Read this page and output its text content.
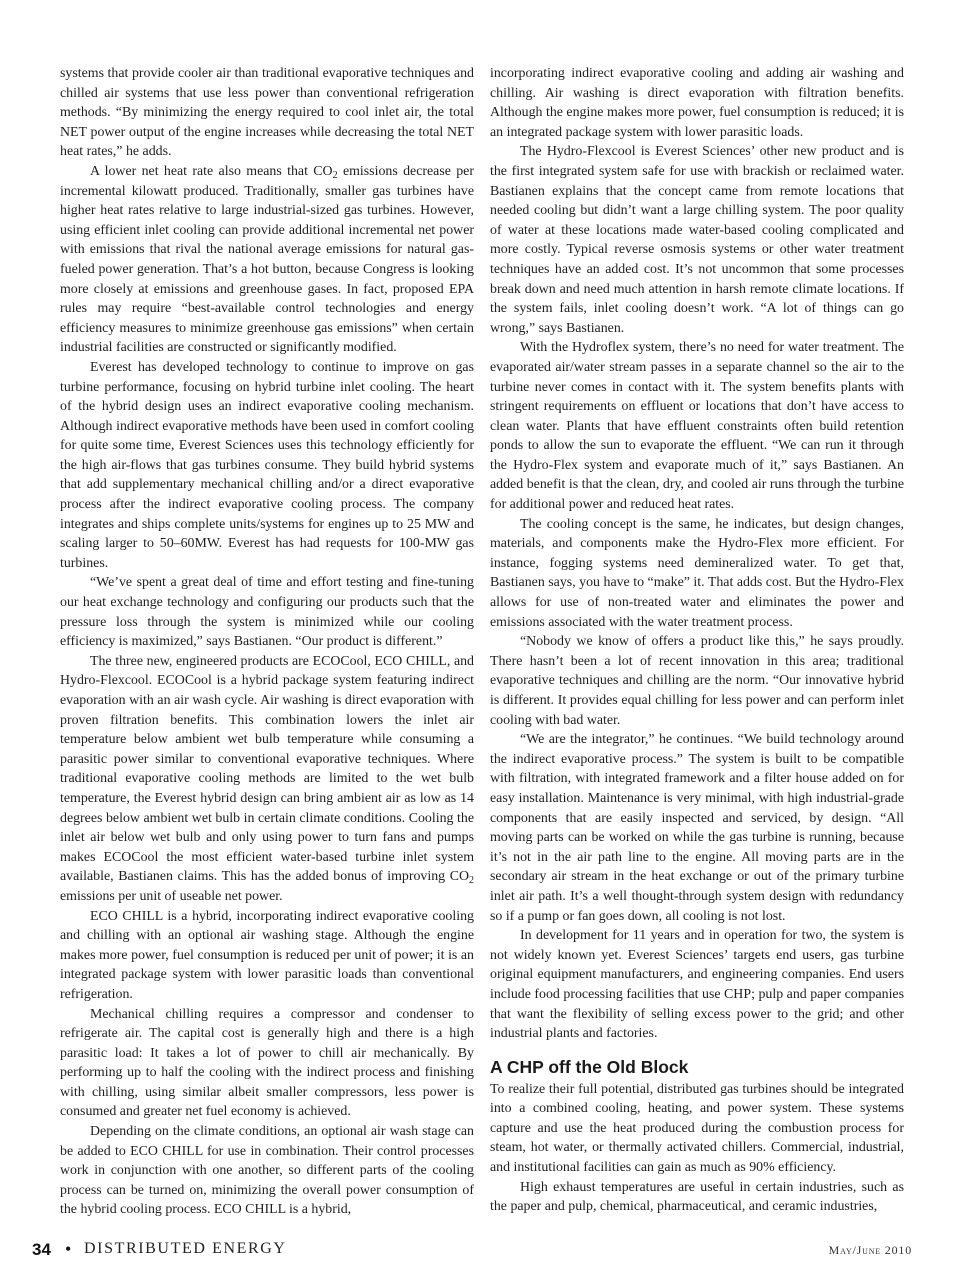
systems that provide cooler air than traditional evaporative techniques and chilled air systems that use less power than conventional refrigeration methods. “By minimizing the energy required to cool inlet air, the total NET power output of the engine increases while decreasing the total NET heat rates,” he adds.

A lower net heat rate also means that $CO_2$ emissions decrease per incremental kilowatt produced. Traditionally, smaller gas turbines have higher heat rates relative to large industrial-sized gas turbines. However, using efficient inlet cooling can provide additional incremental net power with emissions that rival the national average emissions for natural gas-fueled power generation. That’s a hot button, because Congress is looking more closely at emissions and greenhouse gases. In fact, proposed EPA rules may require “best-available control technologies and energy efficiency measures to minimize greenhouse gas emissions” when certain industrial facilities are constructed or significantly modified.

Everest has developed technology to continue to improve on gas turbine performance, focusing on hybrid turbine inlet cooling. The heart of the hybrid design uses an indirect evaporative cooling mechanism. Although indirect evaporative methods have been used in comfort cooling for quite some time, Everest Sciences uses this technology efficiently for the high air-flows that gas turbines consume. They build hybrid systems that add supplementary mechanical chilling and/or a direct evaporative process after the indirect evaporative cooling process. The company integrates and ships complete units/systems for engines up to 25 MW and scaling larger to 50–60MW. Everest has had requests for 100-MW gas turbines.

“We’ve spent a great deal of time and effort testing and fine-tuning our heat exchange technology and configuring our products such that the pressure loss through the system is minimized while our cooling efficiency is maximized,” says Bastianen. “Our product is different.”

The three new, engineered products are ECOCool, ECO CHILL, and Hydro-Flexcool. ECOCool is a hybrid package system featuring indirect evaporation with an air wash cycle. Air washing is direct evaporation with proven filtration benefits. This combination lowers the inlet air temperature below ambient wet bulb temperature while consuming a parasitic power similar to conventional evaporative techniques. Where traditional evaporative cooling methods are limited to the wet bulb temperature, the Everest hybrid design can bring ambient air as low as 14 degrees below ambient wet bulb in certain climate conditions. Cooling the inlet air below wet bulb and only using power to turn fans and pumps makes ECOCool the most efficient water-based turbine inlet system available, Bastianen claims. This has the added bonus of improving $CO_2$ emissions per unit of useable net power.

ECO CHILL is a hybrid, incorporating indirect evaporative cooling and chilling with an optional air washing stage. Although the engine makes more power, fuel consumption is reduced per unit of power; it is an integrated package system with lower parasitic loads than conventional refrigeration.

Mechanical chilling requires a compressor and condenser to refrigerate air. The capital cost is generally high and there is a high parasitic load: It takes a lot of power to chill air mechanically. By performing up to half the cooling with the indirect process and finishing with chilling, using similar albeit smaller compressors, less power is consumed and greater net fuel economy is achieved.

Depending on the climate conditions, an optional air wash stage can be added to ECO CHILL for use in combination. Their control processes work in conjunction with one another, so different parts of the cooling process can be turned on, minimizing the overall power consumption of the hybrid cooling process. ECO CHILL is a hybrid,

incorporating indirect evaporative cooling and adding air washing and chilling. Air washing is direct evaporation with filtration benefits. Although the engine makes more power, fuel consumption is reduced; it is an integrated package system with lower parasitic loads.

The Hydro-Flexcool is Everest Sciences’ other new product and is the first integrated system safe for use with brackish or reclaimed water. Bastianen explains that the concept came from remote locations that needed cooling but didn’t want a large chilling system. The poor quality of water at these locations made water-based cooling complicated and more costly. Typical reverse osmosis systems or other water treatment techniques have an added cost. It’s not uncommon that some processes break down and need much attention in harsh remote climate locations. If the system fails, inlet cooling doesn’t work. “A lot of things can go wrong,” says Bastianen.

With the Hydroflex system, there’s no need for water treatment. The evaporated air/water stream passes in a separate channel so the air to the turbine never comes in contact with it. The system benefits plants with stringent requirements on effluent or locations that don’t have access to clean water. Plants that have effluent constraints often build retention ponds to allow the sun to evaporate the effluent. “We can run it through the Hydro-Flex system and evaporate much of it,” says Bastianen. An added benefit is that the clean, dry, and cooled air runs through the turbine for additional power and reduced heat rates.

The cooling concept is the same, he indicates, but design changes, materials, and components make the Hydro-Flex more efficient. For instance, fogging systems need demineralized water. To get that, Bastianen says, you have to “make” it. That adds cost. But the Hydro-Flex allows for use of non-treated water and eliminates the power and emissions associated with the water treatment process.

“Nobody we know of offers a product like this,” he says proudly. There hasn’t been a lot of recent innovation in this area; traditional evaporative techniques and chilling are the norm. “Our innovative hybrid is different. It provides equal chilling for less power and can perform inlet cooling with bad water.

“We are the integrator,” he continues. “We build technology around the indirect evaporative process.” The system is built to be compatible with filtration, with integrated framework and a filter house added on for easy installation. Maintenance is very minimal, with high industrial-grade components that are easily inspected and serviced, by design. “All moving parts can be worked on while the gas turbine is running, because it’s not in the air path line to the engine. All moving parts are in the secondary air stream in the heat exchange or out of the primary turbine inlet air path. It’s a well thought-through system design with redundancy so if a pump or fan goes down, all cooling is not lost.

In development for 11 years and in operation for two, the system is not widely known yet. Everest Sciences’ targets end users, gas turbine original equipment manufacturers, and engineering companies. End users include food processing facilities that use CHP; pulp and paper companies that want the flexibility of selling excess power to the grid; and other industrial plants and factories.

A CHP off the Old Block

To realize their full potential, distributed gas turbines should be integrated into a combined cooling, heating, and power system. These systems capture and use the heat produced during the combustion process for steam, hot water, or thermally activated chillers. Commercial, industrial, and institutional facilities can gain as much as 90% efficiency.

High exhaust temperatures are useful in certain industries, such as the paper and pulp, chemical, pharmaceutical, and ceramic industries,

34 • DISTRIBUTED ENERGY	May/June 2010
